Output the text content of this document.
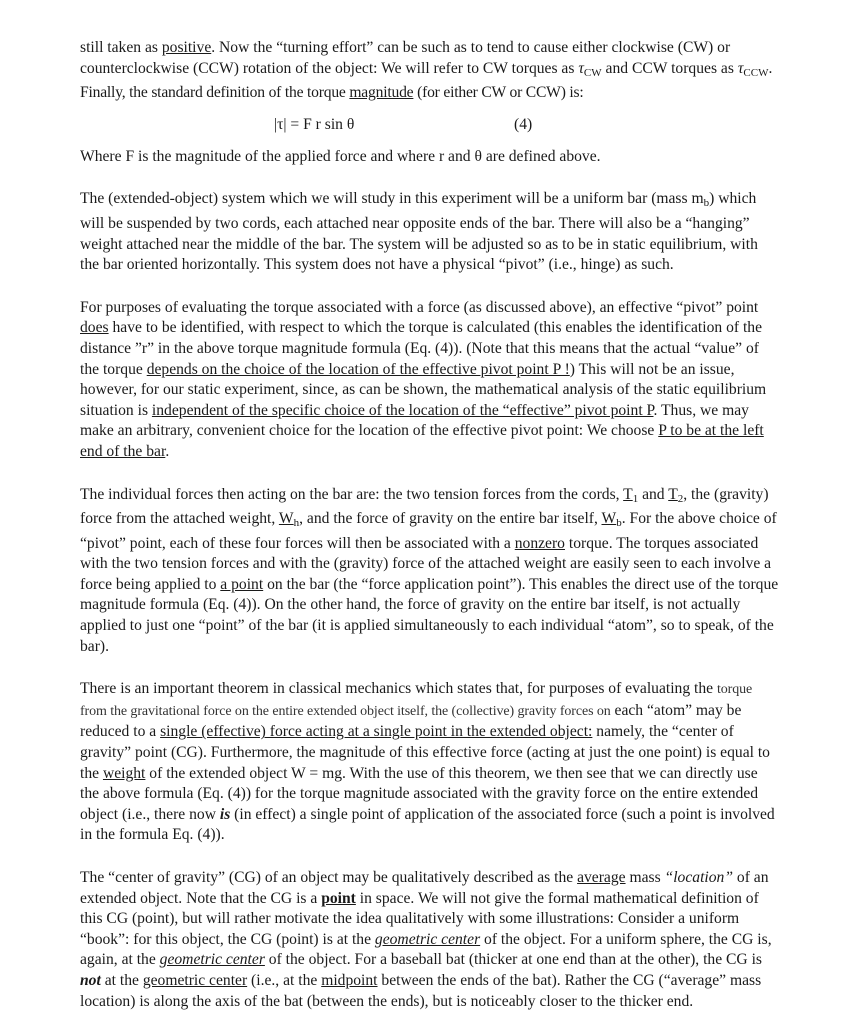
still taken as positive. Now the “turning effort” can be such as to tend to cause either clockwise (CW) or counterclockwise (CCW) rotation of the object: We will refer to CW torques as $\tau_{CW}$ and CCW torques as $\tau_{CCW}$. Finally, the standard definition of the torque magnitude (for either CW or CCW) is:

|τ| = F r sin θ	(4)

Where F is the magnitude of the applied force and where r and θ are defined above.

The (extended-object) system which we will study in this experiment will be a uniform bar (mass $m_b$) which will be suspended by two cords, each attached near opposite ends of the bar. There will also be a “hanging” weight attached near the middle of the bar. The system will be adjusted so as to be in static equilibrium, with the bar oriented horizontally. This system does not have a physical “pivot” (i.e., hinge) as such.

For purposes of evaluating the torque associated with a force (as discussed above), an effective “pivot” point does have to be identified, with respect to which the torque is calculated (this enables the identification of the distance ”r” in the above torque magnitude formula (Eq. (4)). (Note that this means that the actual “value” of the torque depends on the choice of the location of the effective pivot point P !) This will not be an issue, however, for our static experiment, since, as can be shown, the mathematical analysis of the static equilibrium situation is independent of the specific choice of the location of the “effective” pivot point P. Thus, we may make an arbitrary, convenient choice for the location of the effective pivot point: We choose P to be at the left end of the bar.

The individual forces then acting on the bar are: the two tension forces from the cords, $T_1$ and $T_2$, the (gravity) force from the attached weight, $W_h$, and the force of gravity on the entire bar itself, $W_b$. For the above choice of “pivot” point, each of these four forces will then be associated with a nonzero torque. The torques associated with the two tension forces and with the (gravity) force of the attached weight are easily seen to each involve a force being applied to a point on the bar (the “force application point”). This enables the direct use of the torque magnitude formula (Eq. (4)). On the other hand, the force of gravity on the entire bar itself, is not actually applied to just one “point” of the bar (it is applied simultaneously to each individual “atom”, so to speak, of the bar).

There is an important theorem in classical mechanics which states that, for purposes of evaluating the torque from the gravitational force on the entire extended object itself, the (collective) gravity forces on each “atom” may be reduced to a single (effective) force acting at a single point in the extended object: namely, the “center of gravity” point (CG). Furthermore, the magnitude of this effective force (acting at just the one point) is equal to the weight of the extended object W = mg. With the use of this theorem, we then see that we can directly use the above formula (Eq. (4)) for the torque magnitude associated with the gravity force on the entire extended object (i.e., there now is (in effect) a single point of application of the associated force (such a point is involved in the formula Eq. (4)).

The “center of gravity” (CG) of an object may be qualitatively described as the average mass “location” of an extended object. Note that the CG is a point in space. We will not give the formal mathematical definition of this CG (point), but will rather motivate the idea qualitatively with some illustrations: Consider a uniform “book”: for this object, the CG (point) is at the geometric center of the object. For a uniform sphere, the CG is, again, at the geometric center of the object. For a baseball bat (thicker at one end than at the other), the CG is not at the geometric center (i.e., at the midpoint between the ends of the bat). Rather the CG (“average” mass location) is along the axis of the bat (between the ends), but is noticeably closer to the thicker end.
